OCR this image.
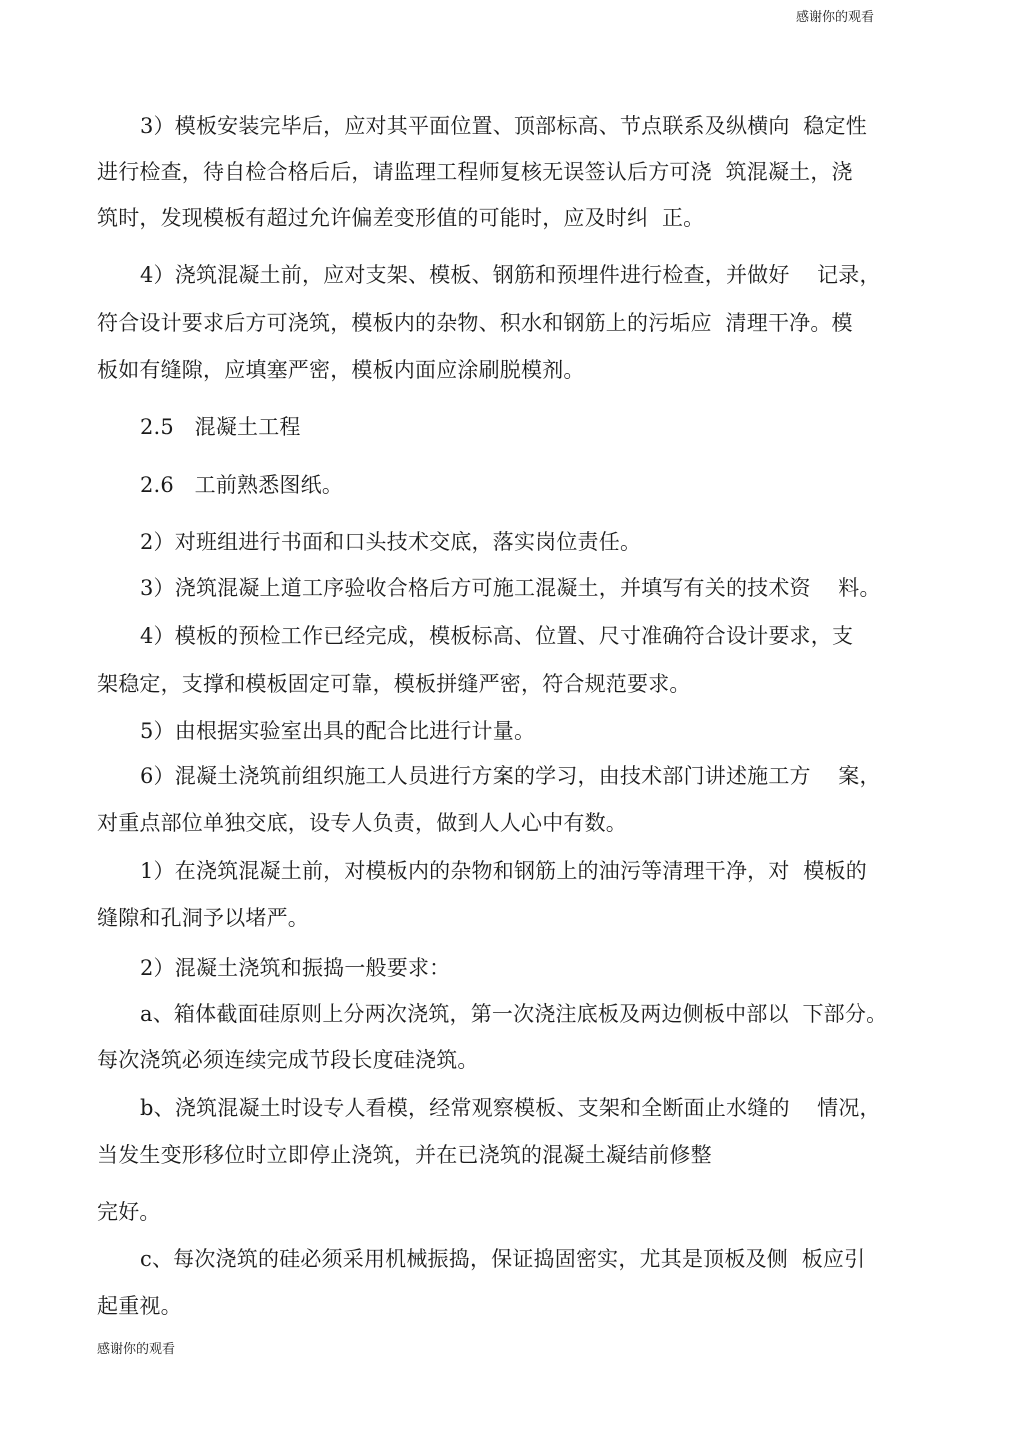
感谢你的观看
3）模板安装完毕后，应对其平面位置、顶部标高、节点联系及纵横向  稳定性
进行检查，待自检合格后后，请监理工程师复核无误签认后方可浇  筑混凝土，浇
筑时，发现模板有超过允许偏差变形值的可能时，应及时纠  正。
4）浇筑混凝土前，应对支架、模板、钢筋和预埋件进行检查，并做好    记录，
符合设计要求后方可浇筑，模板内的杂物、积水和钢筋上的污垢应  清理干净。模
板如有缝隙，应填塞严密，模板内面应涂刷脱模剂。
2.5   混凝土工程
2.6   工前熟悉图纸。
2）对班组进行书面和口头技术交底，落实岗位责任。
3）浇筑混凝上道工序验收合格后方可施工混凝土，并填写有关的技术资    料。
4）模板的预检工作已经完成，模板标高、位置、尺寸准确符合设计要求，支
架稳定，支撑和模板固定可靠，模板拼缝严密，符合规范要求。
5）由根据实验室出具的配合比进行计量。
6）混凝土浇筑前组织施工人员进行方案的学习，由技术部门讲述施工方    案，
对重点部位单独交底，设专人负责，做到人人心中有数。
1）在浇筑混凝土前，对模板内的杂物和钢筋上的油污等清理干净，对  模板的
缝隙和孔洞予以堵严。
2）混凝土浇筑和振捣一般要求：
a、箱体截面硅原则上分两次浇筑，第一次浇注底板及两边侧板中部以  下部分。
每次浇筑必须连续完成节段长度硅浇筑。
b、浇筑混凝土时设专人看模，经常观察模板、支架和全断面止水缝的    情况，
当发生变形移位时立即停止浇筑，并在已浇筑的混凝土凝结前修整
完好。
c、每次浇筑的硅必须采用机械振捣，保证捣固密实，尤其是顶板及侧  板应引
起重视。
感谢你的观看
